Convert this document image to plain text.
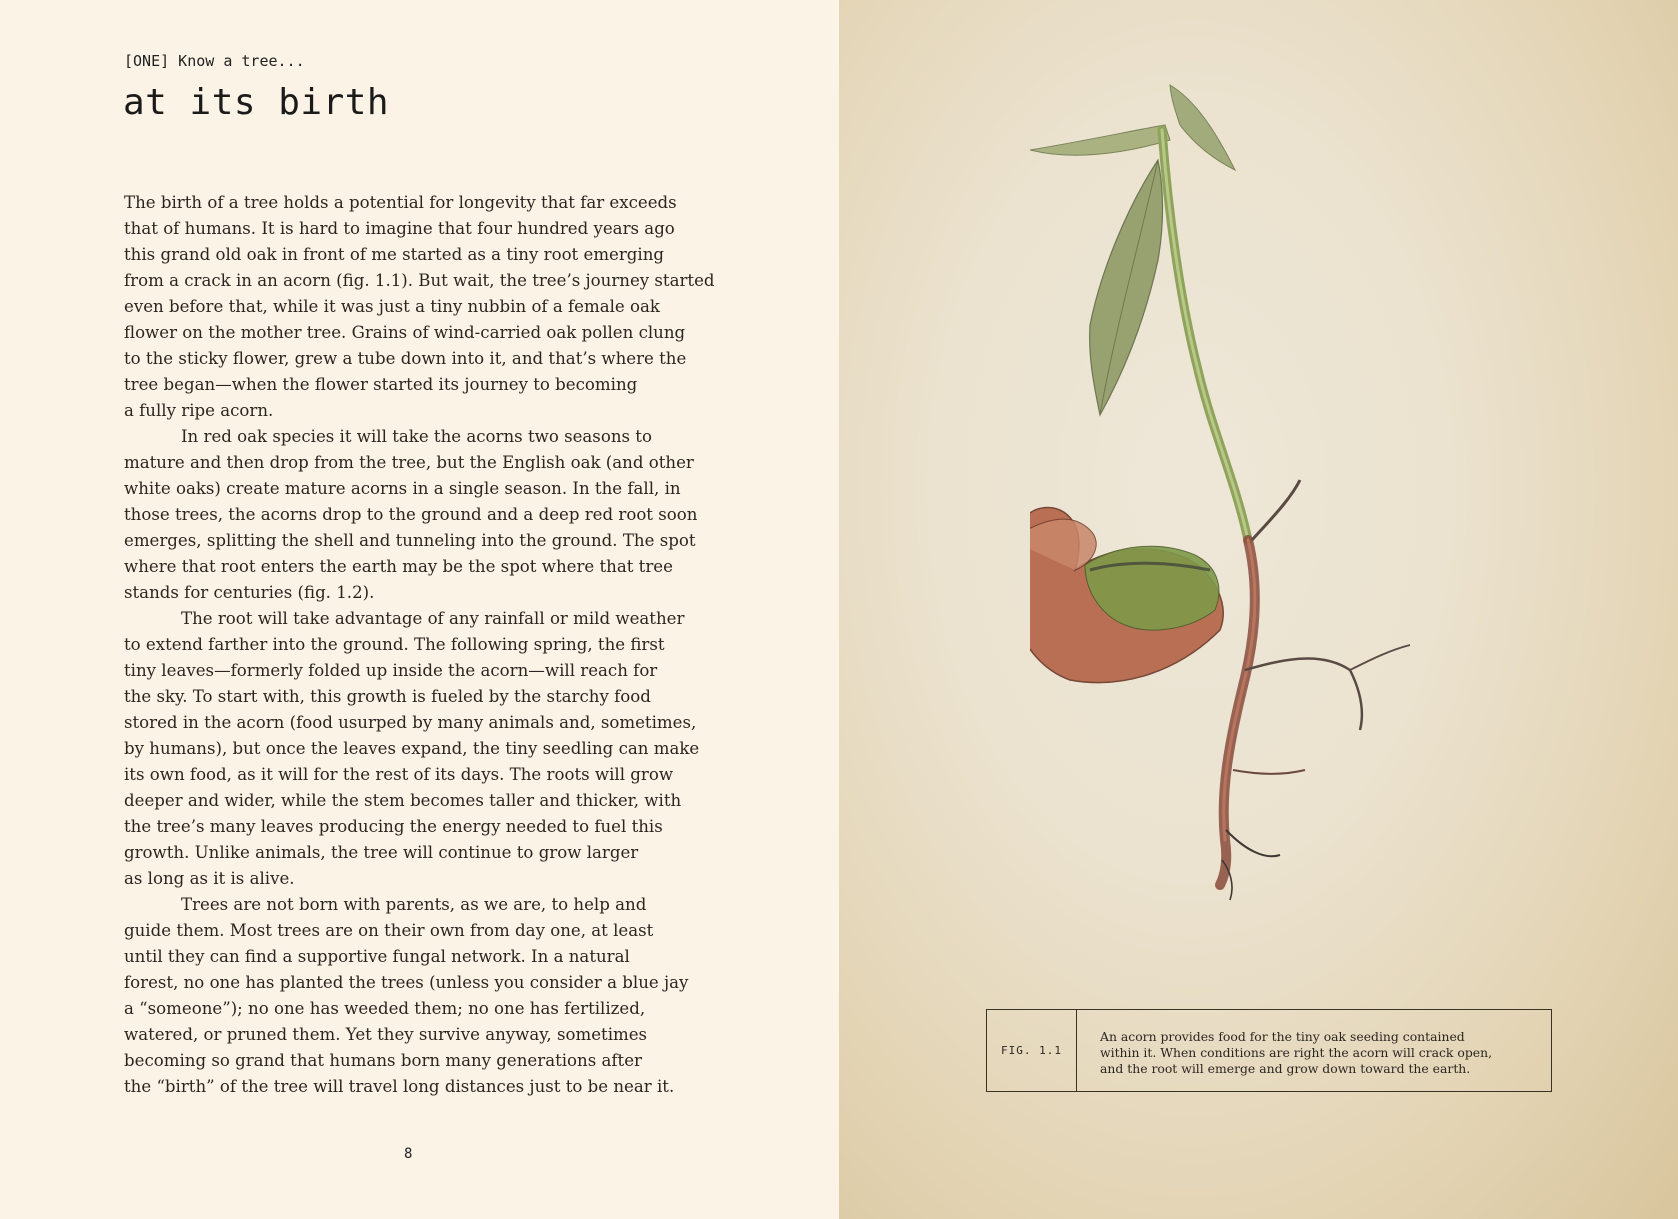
[ONE] Know a tree...
at its birth
The birth of a tree holds a potential for longevity that far exceeds
that of humans. It is hard to imagine that four hundred years ago
this grand old oak in front of me started as a tiny root emerging
from a crack in an acorn (fig. 1.1). But wait, the tree’s journey started
even before that, while it was just a tiny nubbin of a female oak
flower on the mother tree. Grains of wind-carried oak pollen clung
to the sticky flower, grew a tube down into it, and that’s where the
tree began—when the flower started its journey to becoming
a fully ripe acorn.
In red oak species it will take the acorns two seasons to
mature and then drop from the tree, but the English oak (and other
white oaks) create mature acorns in a single season. In the fall, in
those trees, the acorns drop to the ground and a deep red root soon
emerges, splitting the shell and tunneling into the ground. The spot
where that root enters the earth may be the spot where that tree
stands for centuries (fig. 1.2).
The root will take advantage of any rainfall or mild weather
to extend farther into the ground. The following spring, the first
tiny leaves—formerly folded up inside the acorn—will reach for
the sky. To start with, this growth is fueled by the starchy food
stored in the acorn (food usurped by many animals and, sometimes,
by humans), but once the leaves expand, the tiny seedling can make
its own food, as it will for the rest of its days. The roots will grow
deeper and wider, while the stem becomes taller and thicker, with
the tree’s many leaves producing the energy needed to fuel this
growth. Unlike animals, the tree will continue to grow larger
as long as it is alive.
Trees are not born with parents, as we are, to help and
guide them. Most trees are on their own from day one, at least
until they can find a supportive fungal network. In a natural
forest, no one has planted the trees (unless you consider a blue jay
a “someone”); no one has weeded them; no one has fertilized,
watered, or pruned them. Yet they survive anyway, sometimes
becoming so grand that humans born many generations after
the “birth” of the tree will travel long distances just to be near it.
8
FIG. 1.1
An acorn provides food for the tiny oak seeding contained
within it. When conditions are right the acorn will crack open,
and the root will emerge and grow down toward the earth.
